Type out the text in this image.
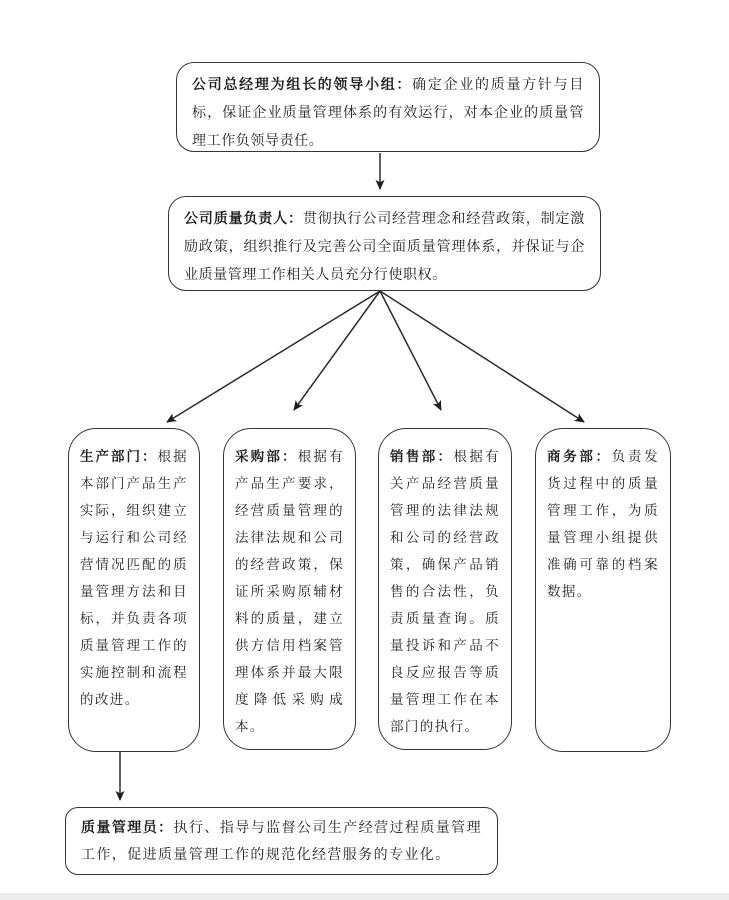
公司总经理为组长的领导小组：确定企业的质量方针与目标，保证企业质量管理体系的有效运行，对本企业的质量管理工作负领导责任。

公司质量负责人：贯彻执行公司经营理念和经营政策，制定激励政策，组织推行及完善公司全面质量管理体系，并保证与企业质量管理工作相关人员充分行使职权。

生产部门：根据本部门产品生产实际，组织建立与运行和公司经营情况匹配的质量管理方法和目标，并负责各项质量管理工作的实施控制和流程的改进。

采购部：根据有产品生产要求，经营质量管理的法律法规和公司的经营政策，保证所采购原辅材料的质量，建立供方信用档案管理体系并最大限度降低采购成本。

销售部：根据有关产品经营质量管理的法律法规和公司的经营政策，确保产品销售的合法性，负责质量查询。质量投诉和产品不良反应报告等质量管理工作在本部门的执行。

商务部：负责发货过程中的质量管理工作，为质量管理小组提供准确可靠的档案数据。

质量管理员：执行、指导与监督公司生产经营过程质量管理工作，促进质量管理工作的规范化经营服务的专业化。
